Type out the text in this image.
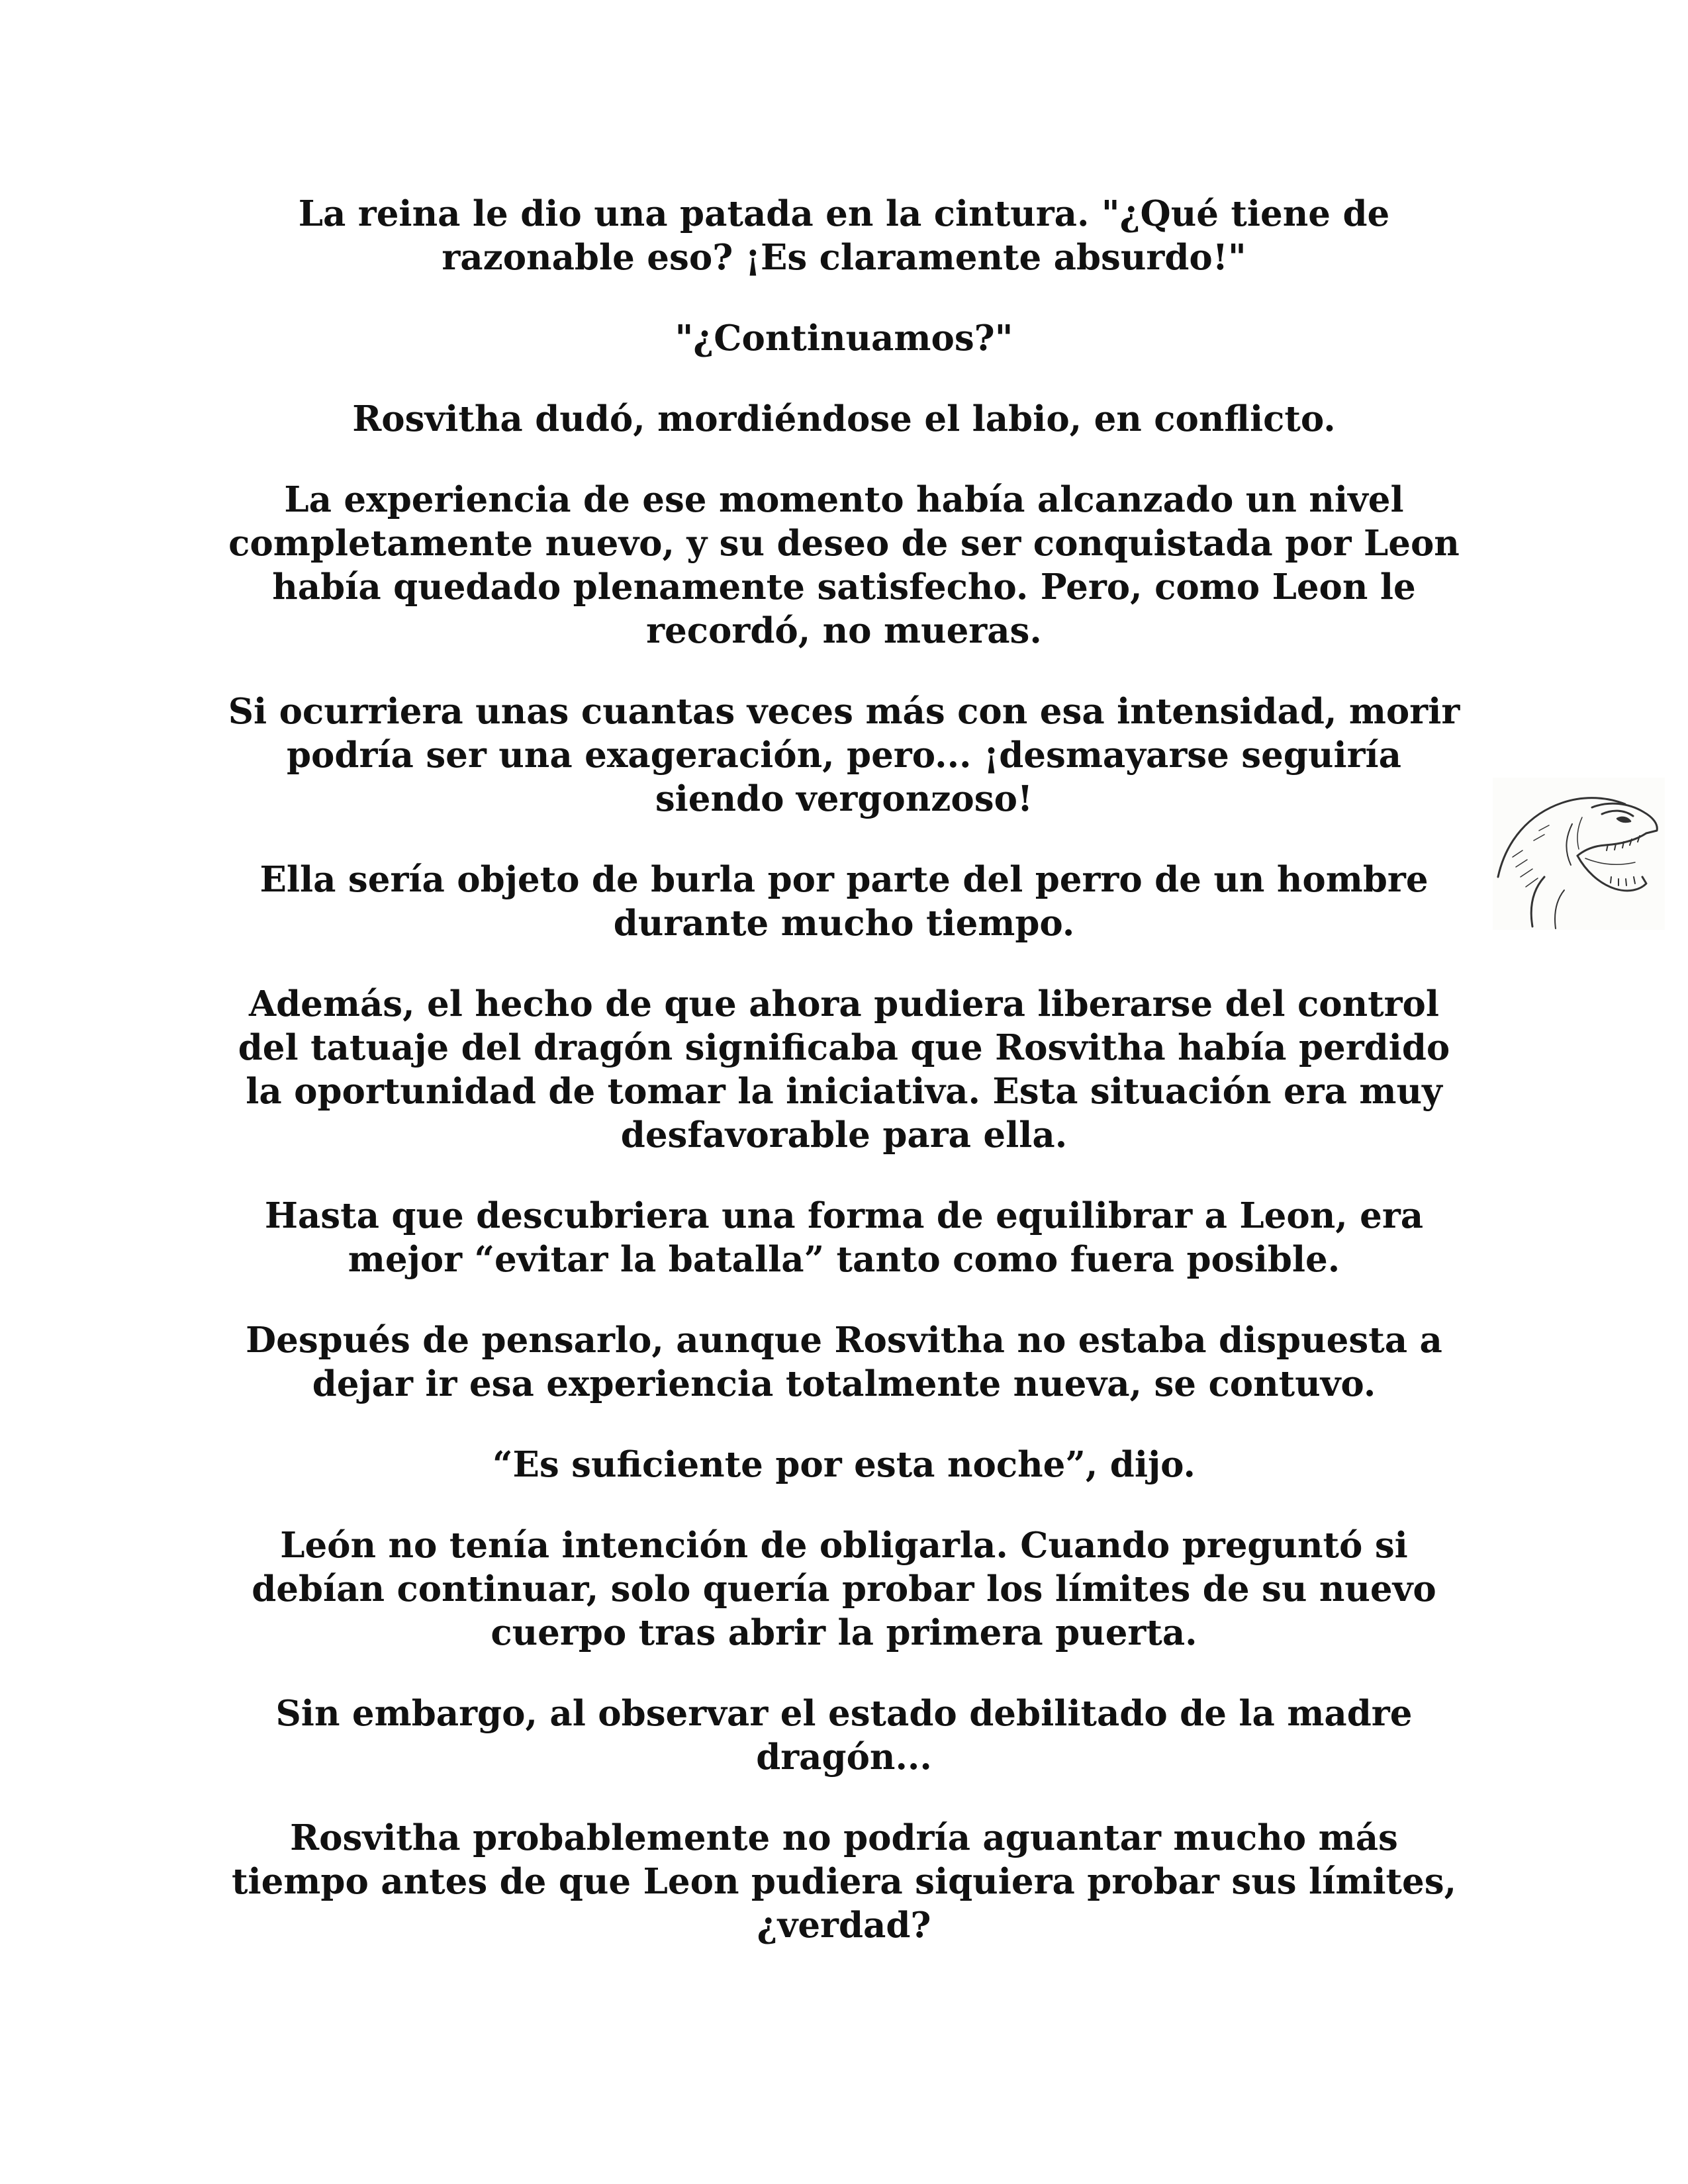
La reina le dio una patada en la cintura. "¿Qué tiene de razonable eso? ¡Es claramente absurdo!"

"¿Continuamos?"

Rosvitha dudó, mordiéndose el labio, en conflicto.

La experiencia de ese momento había alcanzado un nivel completamente nuevo, y su deseo de ser conquistada por Leon había quedado plenamente satisfecho. Pero, como Leon le recordó, no mueras.

Si ocurriera unas cuantas veces más con esa intensidad, morir podría ser una exageración, pero... ¡desmayarse seguiría siendo vergonzoso!

Ella sería objeto de burla por parte del perro de un hombre durante mucho tiempo.

Además, el hecho de que ahora pudiera liberarse del control del tatuaje del dragón significaba que Rosvitha había perdido la oportunidad de tomar la iniciativa. Esta situación era muy desfavorable para ella.

Hasta que descubriera una forma de equilibrar a Leon, era mejor “evitar la batalla” tanto como fuera posible.

Después de pensarlo, aunque Rosvitha no estaba dispuesta a dejar ir esa experiencia totalmente nueva, se contuvo.

“Es suficiente por esta noche”, dijo.

León no tenía intención de obligarla. Cuando preguntó si debían continuar, solo quería probar los límites de su nuevo cuerpo tras abrir la primera puerta.

Sin embargo, al observar el estado debilitado de la madre dragón...

Rosvitha probablemente no podría aguantar mucho más tiempo antes de que Leon pudiera siquiera probar sus límites, ¿verdad?
